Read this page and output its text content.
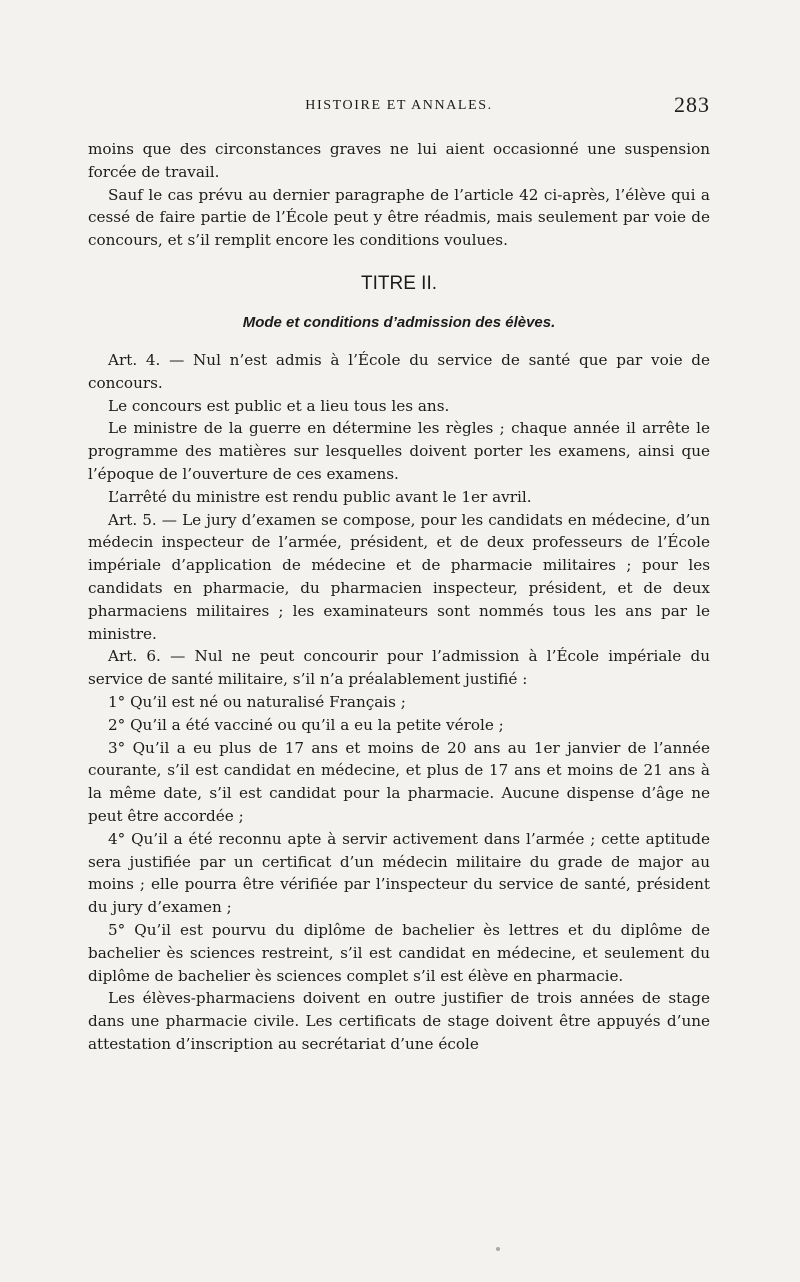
HISTOIRE ET ANNALES.	283

moins que des circonstances graves ne lui aient occasionné une suspension forcée de travail.

Sauf le cas prévu au dernier paragraphe de l’article 42 ci-après, l’élève qui a cessé de faire partie de l’École peut y être réadmis, mais seulement par voie de concours, et s’il remplit encore les conditions voulues.

TITRE II.
Mode et conditions d’admission des élèves.

Art. 4. — Nul n’est admis à l’École du service de santé que par voie de concours.

Le concours est public et a lieu tous les ans.

Le ministre de la guerre en détermine les règles ; chaque année il arrête le programme des matières sur lesquelles doivent porter les examens, ainsi que l’époque de l’ouverture de ces examens.

L’arrêté du ministre est rendu public avant le 1er avril.

Art. 5. — Le jury d’examen se compose, pour les candidats en médecine, d’un médecin inspecteur de l’armée, président, et de deux professeurs de l’École impériale d’application de médecine et de pharmacie militaires ; pour les candidats en pharmacie, du pharmacien inspecteur, président, et de deux pharmaciens militaires ; les examinateurs sont nommés tous les ans par le ministre.

Art. 6. — Nul ne peut concourir pour l’admission à l’École impériale du service de santé militaire, s’il n’a préalablement justifié :

1° Qu’il est né ou naturalisé Français ;

2° Qu’il a été vacciné ou qu’il a eu la petite vérole ;

3° Qu’il a eu plus de 17 ans et moins de 20 ans au 1er janvier de l’année courante, s’il est candidat en médecine, et plus de 17 ans et moins de 21 ans à la même date, s’il est candidat pour la pharmacie. Aucune dispense d’âge ne peut être accordée ;

4° Qu’il a été reconnu apte à servir activement dans l’armée ; cette aptitude sera justifiée par un certificat d’un médecin militaire du grade de major au moins ; elle pourra être vérifiée par l’inspecteur du service de santé, président du jury d’examen ;

5° Qu’il est pourvu du diplôme de bachelier ès lettres et du diplôme de bachelier ès sciences restreint, s’il est candidat en médecine, et seulement du diplôme de bachelier ès sciences complet s’il est élève en pharmacie.

Les élèves-pharmaciens doivent en outre justifier de trois années de stage dans une pharmacie civile. Les certificats de stage doivent être appuyés d’une attestation d’inscription au secrétariat d’une école
